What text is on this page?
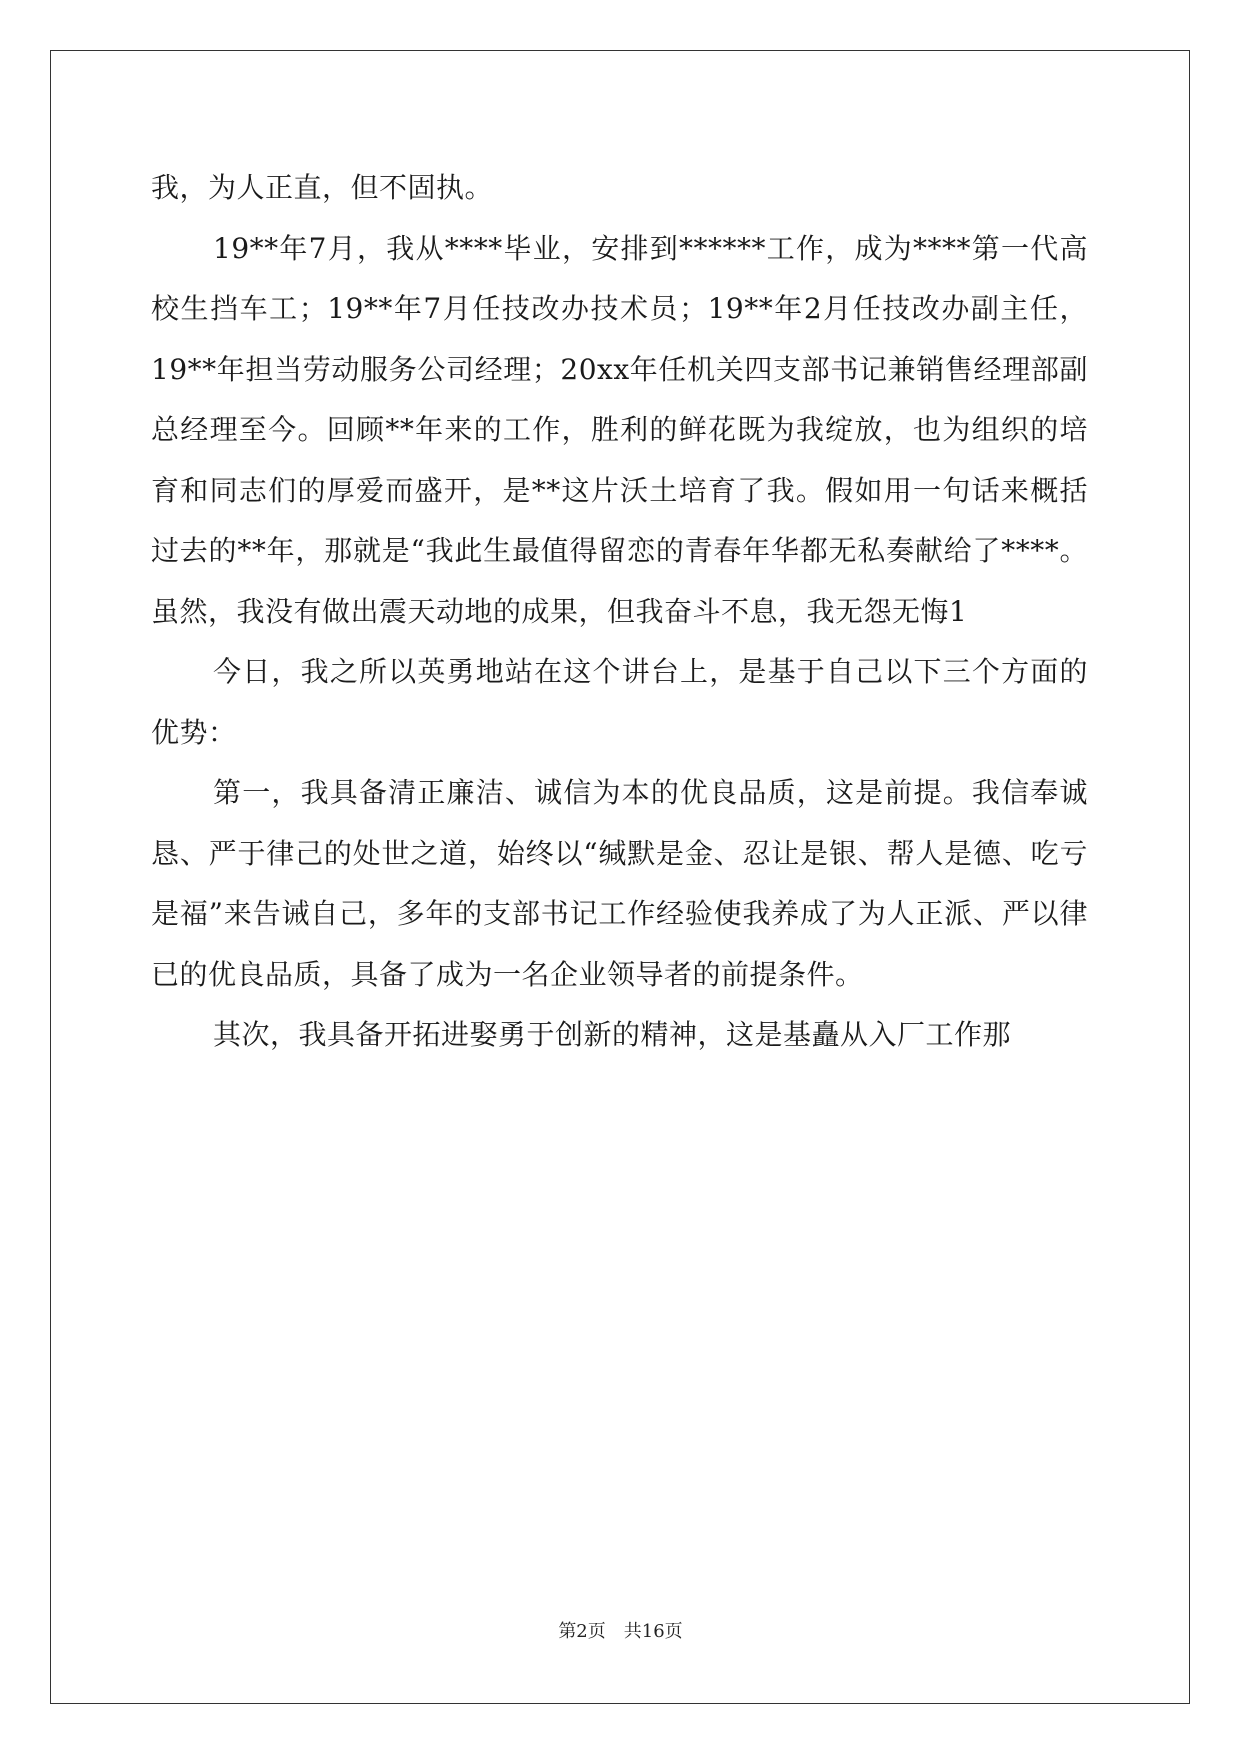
我，为人正直，但不固执。

19**年7月，我从****毕业，安排到******工作，成为****第一代高校生挡车工；19**年7月任技改办技术员；19**年2月任技改办副主任，19**年担当劳动服务公司经理；20xx年任机关四支部书记兼销售经理部副总经理至今。回顾**年来的工作，胜利的鲜花既为我绽放，也为组织的培育和同志们的厚爱而盛开，是**这片沃土培育了我。假如用一句话来概括过去的**年，那就是“我此生最值得留恋的青春年华都无私奏献给了****。虽然，我没有做出震天动地的成果，但我奋斗不息，我无怨无悔1

今日，我之所以英勇地站在这个讲台上，是基于自己以下三个方面的优势：

第一，我具备清正廉洁、诚信为本的优良品质，这是前提。我信奉诚恳、严于律己的处世之道，始终以“缄默是金、忍让是银、帮人是德、吃亏是福”来告诫自己，多年的支部书记工作经验使我养成了为人正派、严以律已的优良品质，具备了成为一名企业领导者的前提条件。

其次，我具备开拓进娶勇于创新的精神，这是基矗从入厂工作那

第2页 共16页
